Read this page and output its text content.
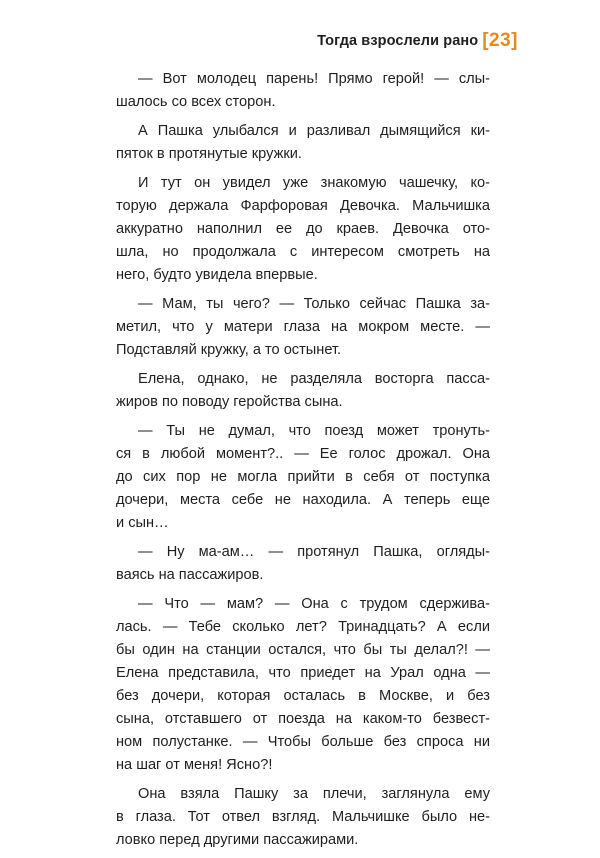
Тогда взрослели рано [23]
— Вот молодец парень! Прямо герой! — слы-
шалось со всех сторон.
А Пашка улыбался и разливал дымящийся ки-
пяток в протянутые кружки.
И тут он увидел уже знакомую чашечку, ко-
торую держала Фарфоровая Девочка. Мальчишка
аккуратно наполнил ее до краев. Девочка ото-
шла, но продолжала с интересом смотреть на
него, будто увидела впервые.
— Мам, ты чего? — Только сейчас Пашка за-
метил, что у матери глаза на мокром месте. —
Подставляй кружку, а то остынет.
Елена, однако, не разделяла восторга пасса-
жиров по поводу геройства сына.
— Ты не думал, что поезд может тронуть-
ся в любой момент?.. — Ее голос дрожал. Она
до сих пор не могла прийти в себя от поступка
дочери, места себе не находила. А теперь еще
и сын…
— Ну ма-ам… — протянул Пашка, огляды-
ваясь на пассажиров.
— Что — мам? — Она с трудом сдержива-
лась. — Тебе сколько лет? Тринадцать? А если
бы один на станции остался, что бы ты делал?! —
Елена представила, что приедет на Урал одна —
без дочери, которая осталась в Москве, и без
сына, отставшего от поезда на каком-то безвест-
ном полустанке. — Чтобы больше без спроса ни
на шаг от меня! Ясно?!
Она взяла Пашку за плечи, заглянула ему
в глаза. Тот отвел взгляд. Мальчишке было не-
ловко перед другими пассажирами.
